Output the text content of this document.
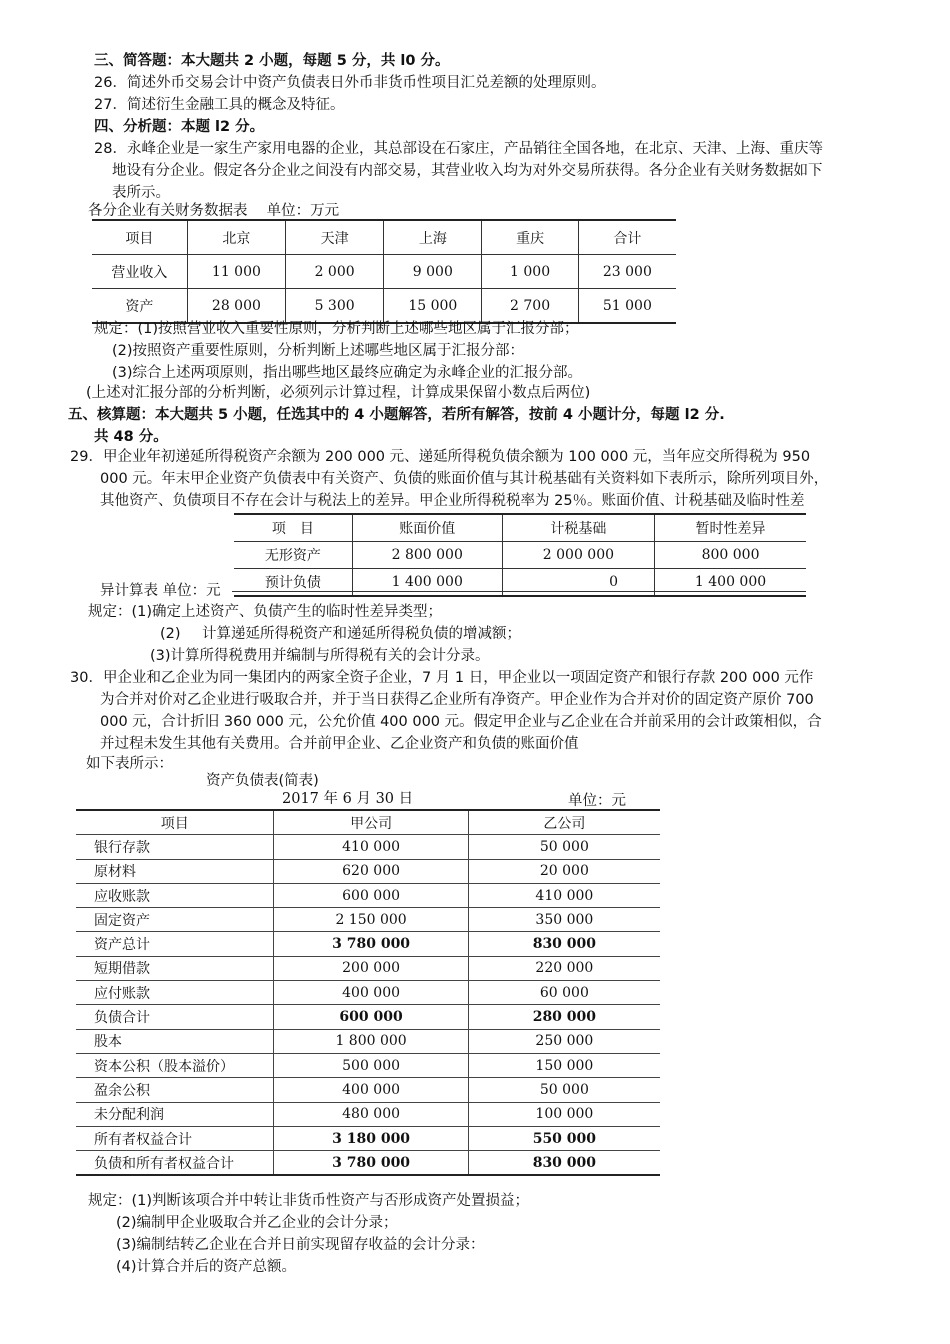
三、简答题：本大题共 2 小题，每题 5 分，共 l0 分。
26．简述外币交易会计中资产负债表日外币非货币性项目汇兑差额的处理原则。
27．简述衍生金融工具的概念及特征。
四、分析题：本题 l2 分。
28．永峰企业是一家生产家用电器的企业，其总部设在石家庄，产品销往全国各地，在北京、天津、上海、重庆等
地设有分企业。假定各分企业之间没有内部交易，其营业收入均为对外交易所获得。各分企业有关财务数据如下
表所示。
各分企业有关财务数据表　 单位：万元
项目	北京	天津	上海	重庆	合计
营业收入	11 000	2 000	9 000	1 000	23 000
资产	28 000	5 300	15 000	2 700	51 000
规定：(1)按照营业收入重要性原则，分析判断上述哪些地区属于汇报分部；
(2)按照资产重要性原则，分析判断上述哪些地区属于汇报分部：
(3)综合上述两项原则，指出哪些地区最终应确定为永峰企业的汇报分部。
(上述对汇报分部的分析判断，必须列示计算过程，计算成果保留小数点后两位)
五、核算题：本大题共 5 小题，任选其中的 4 小题解答，若所有解答，按前 4 小题计分，每题 l2 分.
共 48 分。
29．甲企业年初递延所得税资产余额为 200 000 元、递延所得税负债余额为 100 000 元，当年应交所得税为 950
000 元。年末甲企业资产负债表中有关资产、负债的账面价值与其计税基础有关资料如下表所示，除所列项目外，
其他资产、负债项目不存在会计与税法上的差异。甲企业所得税税率为 25％。账面价值、计税基础及临时性差
项　目	账面价值	计税基础	暂时性差异
无形资产	2 800 000	2 000 000	800 000
预计负债	1 400 000	0	1 400 000
异计算表 单位：元
规定：(1)确定上述资产、负债产生的临时性差异类型；
(2) 计算递延所得税资产和递延所得税负债的增减额；
(3)计算所得税费用并编制与所得税有关的会计分录。
30．甲企业和乙企业为同一集团内的两家全资子企业，7 月 1 日，甲企业以一项固定资产和银行存款 200 000 元作
为合并对价对乙企业进行吸取合并，并于当日获得乙企业所有净资产。甲企业作为合并对价的固定资产原价 700
000 元，合计折旧 360 000 元，公允价值 400 000 元。假定甲企业与乙企业在合并前采用的会计政策相似，合
并过程未发生其他有关费用。合并前甲企业、乙企业资产和负债的账面价值
如下表所示：
资产负债表(简表)
2017 年 6 月 30 日	单位：元
项目	甲公司	乙公司
银行存款	410 000	50 000
原材料	620 000	20 000
应收账款	600 000	410 000
固定资产	2 150 000	350 000
资产总计	3 780 000	830 000
短期借款	200 000	220 000
应付账款	400 000	60 000
负债合计	600 000	280 000
股本	1 800 000	250 000
资本公积（股本溢价）	500 000	150 000
盈余公积	400 000	50 000
未分配利润	480 000	100 000
所有者权益合计	3 180 000	550 000
负债和所有者权益合计	3 780 000	830 000
规定：(1)判断该项合并中转让非货币性资产与否形成资产处置损益；
(2)编制甲企业吸取合并乙企业的会计分录；
(3)编制结转乙企业在合并日前实现留存收益的会计分录：
(4)计算合并后的资产总额。
